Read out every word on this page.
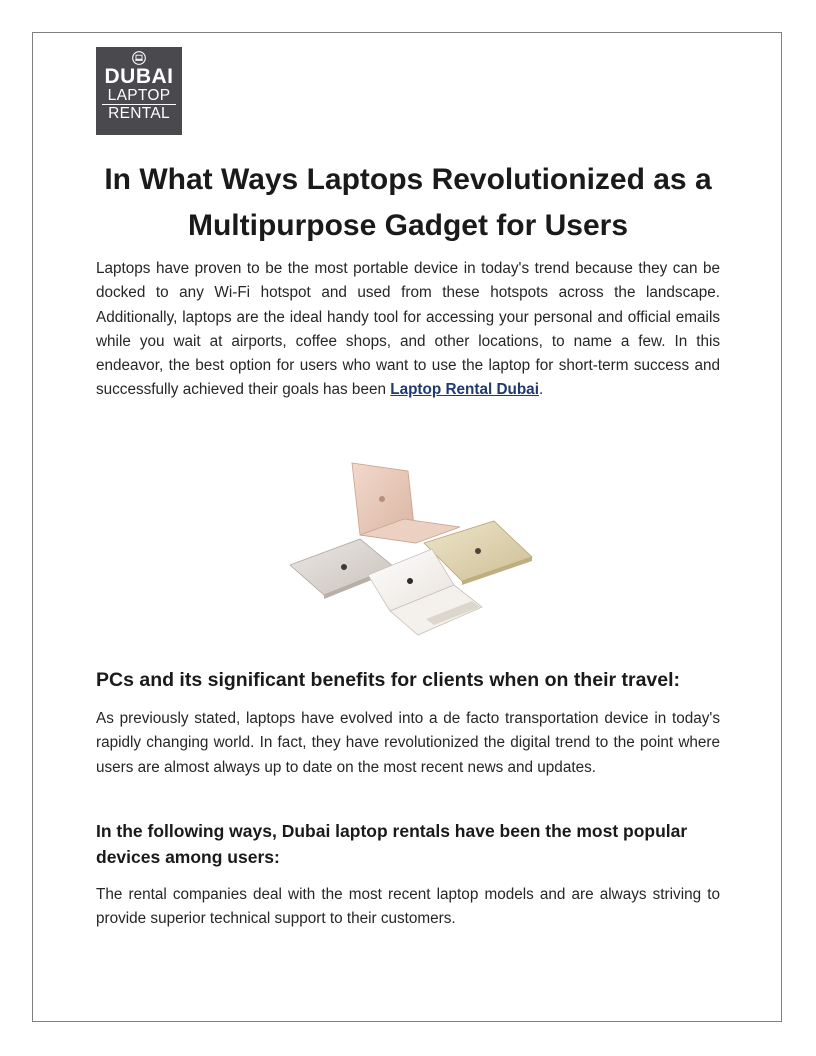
DUBAI
LAPTOP
RENTAL
In What Ways Laptops Revolutionized as a Multipurpose Gadget for Users

Laptops have proven to be the most portable device in today's trend because they can be docked to any Wi-Fi hotspot and used from these hotspots across the landscape. Additionally, laptops are the ideal handy tool for accessing your personal and official emails while you wait at airports, coffee shops, and other locations, to name a few. In this endeavor, the best option for users who want to use the laptop for short-term success and successfully achieved their goals has been Laptop Rental Dubai.

PCs and its significant benefits for clients when on their travel:

As previously stated, laptops have evolved into a de facto transportation device in today's rapidly changing world. In fact, they have revolutionized the digital trend to the point where users are almost always up to date on the most recent news and updates.

In the following ways, Dubai laptop rentals have been the most popular devices among users:

The rental companies deal with the most recent laptop models and are always striving to provide superior technical support to their customers.
